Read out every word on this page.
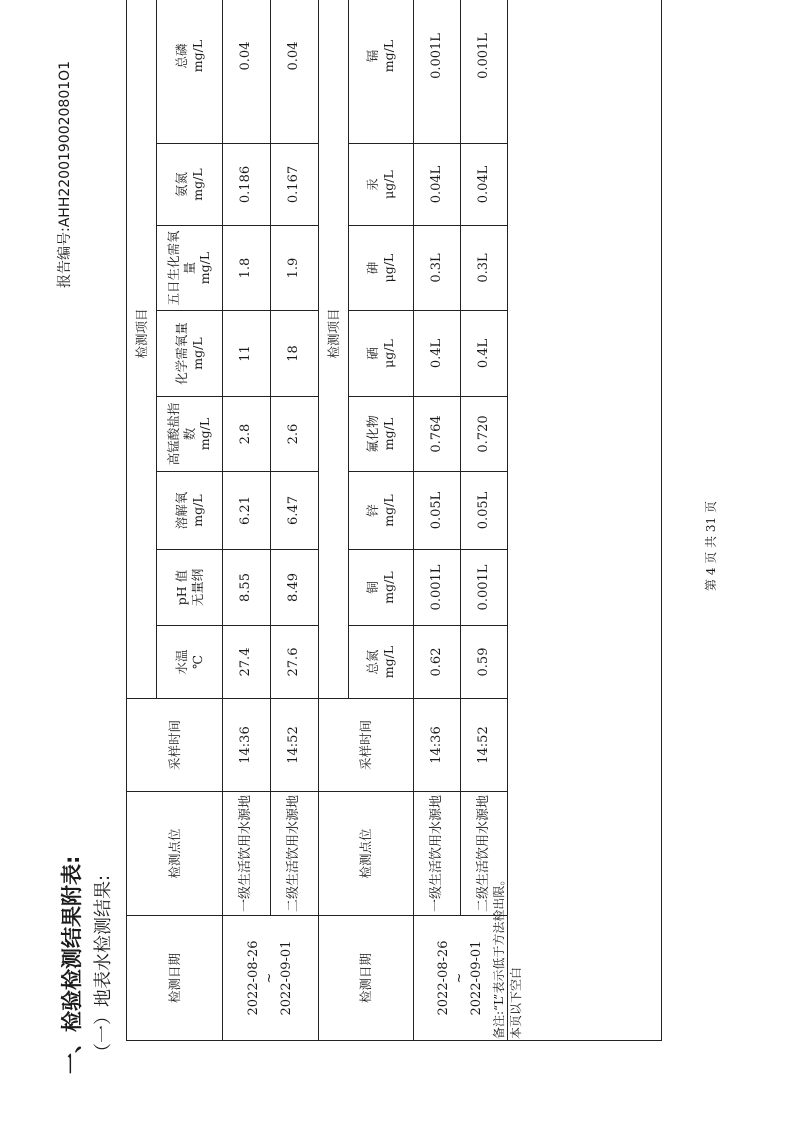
一、检验检测结果附表: （一）地表水检测结果:
报告编号:AHH2200190020801O1
检测日期	检测点位	采样时间	检测项目							

			水温 ℃	pH 值 无量纲	溶解氧 mg/L	高锰酸盐指数 mg/L	化学需氧量 mg/L	五日生化需氧量 mg/L	氨氮 mg/L	总磷 mg/L

2022-08-26 ~ 2022-09-01	一级生活饮用水源地	14:36	27.4	8.55	6.21	2.8	11	1.8	0.186	0.04
	二级生活饮用水源地	14:52	27.6	8.49	6.47	2.6	18	1.9	0.167	0.04
检测日期	检测点位	采样时间	检测项目							

			总氮 mg/L	铜 mg/L	锌 mg/L	氟化物 mg/L	硒 μg/L	砷 μg/L	汞 μg/L	镉 mg/L

2022-08-26 ~ 2022-09-01	一级生活饮用水源地	14:36	0.62	0.001L	0.05L	0.764	0.4L	0.3L	0.04L	0.001L
	二级生活饮用水源地	14:52	0.59	0.001L	0.05L	0.720	0.4L	0.3L	0.04L	0.001L

备注:“L”表示低于方法检出限。 本页以下空白
第 4 页 共 31 页
